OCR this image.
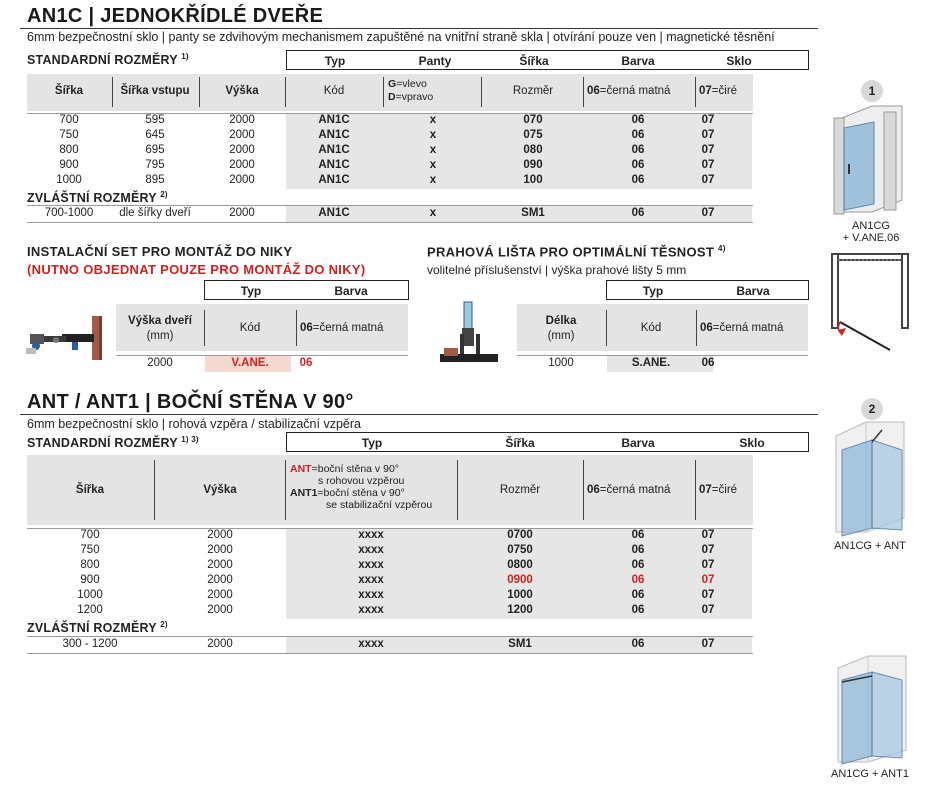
AN1C | JEDNOKŘÍDLÉ DVEŘE
6mm bezpečnostní sklo | panty se zdvihovým mechanismem zapuštěné na vnitřní straně skla | otvírání pouze ven | magnetické těsnění
STANDARDNÍ ROZMĚRY $^{1)}$	Typ	Panty	Šířka	Barva	Sklo
Šířka	Šířka vstupu	Výška	Kód
G=vlevo
D=vpravo	Rozměr	06=černá matná 07=čiré
700	595	2000	AN1C	x	070	06	07
750	645	2000	AN1C	x	075	06	07
800	695	2000	AN1C	x	080	06	07
900	795	2000	AN1C	x	090	06	07
1000	895	2000	AN1C	x	100	06	07
ZVLÁŠTNÍ ROZMĚRY $^{2)}$
700-1000 dle šířky dveří	2000	AN1C	x	SM1	06	07
INSTALAČNÍ SET PRO MONTÁŽ DO NIKY
(NUTNO OBJEDNAT POUZE PRO MONTÁŽ DO NIKY)
Typ	Barva
Výška dveří
(mm)
Kód	06=černá matná
2000	V.ANE.	06
PRAHOVÁ LIŠTA PRO OPTIMÁLNÍ TĚSNOST $^{4)}$
volitelné příslušenství | výška prahové lišty 5 mm
Typ	Barva
Délka
(mm)
Kód	06=černá matná
1000	S.ANE.	06
ANT / ANT1 | BOČNÍ STĚNA V 90°
6mm bezpečnostní sklo | rohová vzpěra / stabilizační vzpěra
STANDARDNÍ ROZMĚRY $^{1) 3)}$	Typ	Šířka	Barva	Sklo
Šířka	Výška
ANT=boční stěna v 90°
s rohovou vzpěrou
ANT1=boční stěna v 90°
se stabilizační vzpěrou
Rozměr	06=černá matná 07=čiré
700	2000	xxxx	0700	06	07
750	2000	xxxx	0750	06	07
800	2000	xxxx	0800	06	07
900	2000	xxxx	0900	06	07
1000	2000	xxxx	1000	06	07
1200	2000	xxxx	1200	06	07
ZVLÁŠTNÍ ROZMĚRY $^{2)}$
300 - 1200	2000	xxxx	SM1	06	07
1
AN1CG
+ V.ANE.06
2
AN1CG + ANT
AN1CG + ANT1
